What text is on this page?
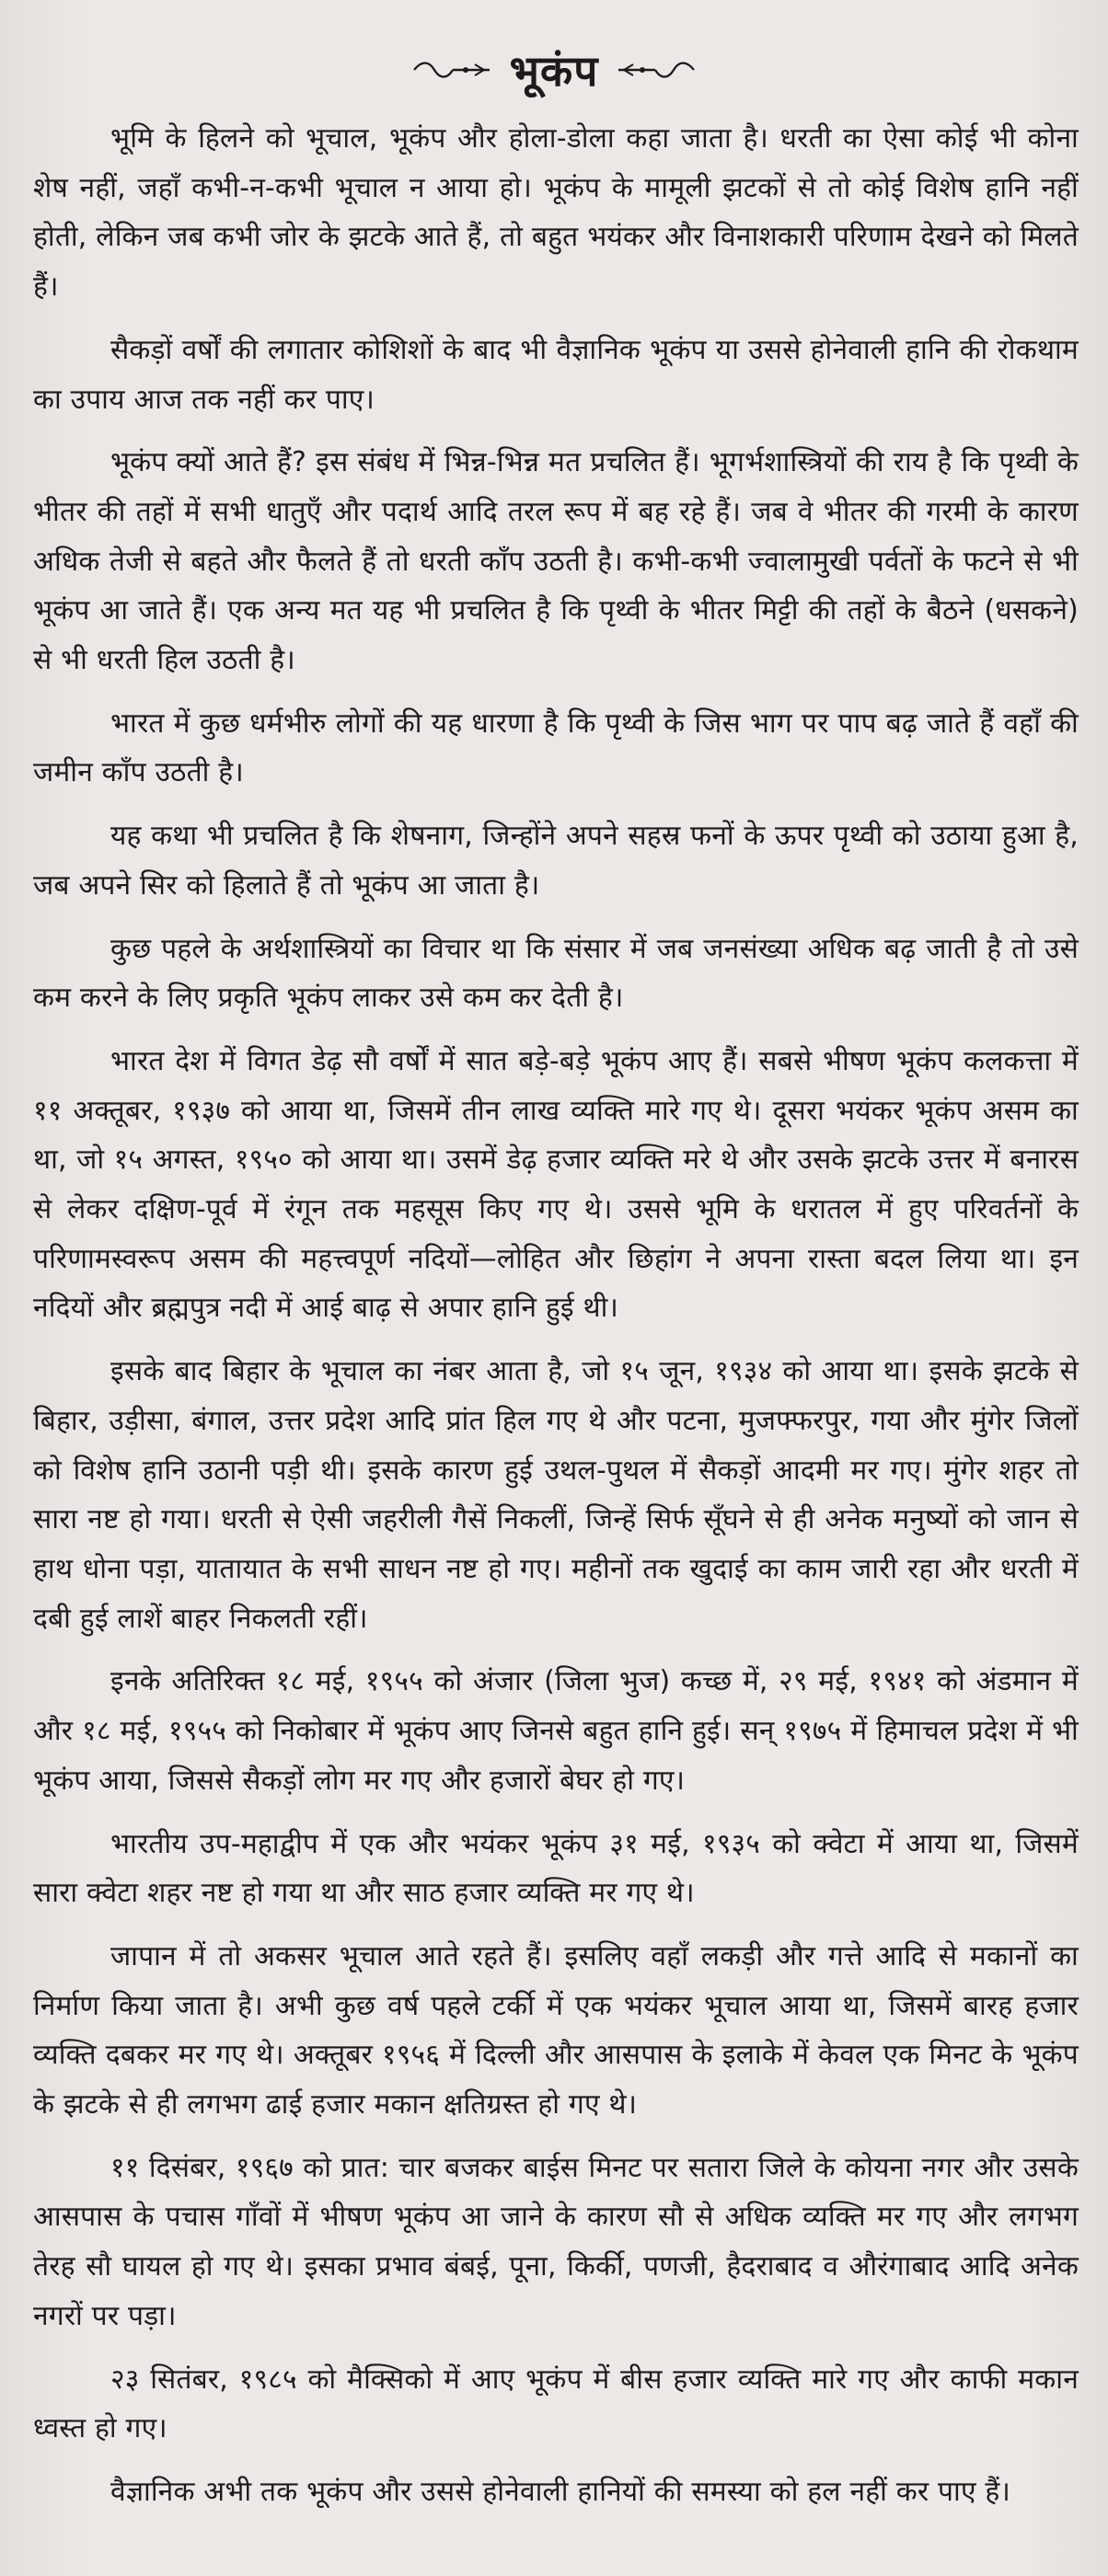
भूकंप

भूमि के हिलने को भूचाल, भूकंप और होला-डोला कहा जाता है। धरती का ऐसा कोई भी कोना शेष नहीं, जहाँ कभी-न-कभी भूचाल न आया हो। भूकंप के मामूली झटकों से तो कोई विशेष हानि नहीं होती, लेकिन जब कभी जोर के झटके आते हैं, तो बहुत भयंकर और विनाशकारी परिणाम देखने को मिलते हैं।

सैकड़ों वर्षों की लगातार कोशिशों के बाद भी वैज्ञानिक भूकंप या उससे होनेवाली हानि की रोकथाम का उपाय आज तक नहीं कर पाए।

भूकंप क्यों आते हैं? इस संबंध में भिन्न-भिन्न मत प्रचलित हैं। भूगर्भशास्त्रियों की राय है कि पृथ्वी के भीतर की तहों में सभी धातुएँ और पदार्थ आदि तरल रूप में बह रहे हैं। जब वे भीतर की गरमी के कारण अधिक तेजी से बहते और फैलते हैं तो धरती काँप उठती है। कभी-कभी ज्वालामुखी पर्वतों के फटने से भी भूकंप आ जाते हैं। एक अन्य मत यह भी प्रचलित है कि पृथ्वी के भीतर मिट्टी की तहों के बैठने (धसकने) से भी धरती हिल उठती है।

भारत में कुछ धर्मभीरु लोगों की यह धारणा है कि पृथ्वी के जिस भाग पर पाप बढ़ जाते हैं वहाँ की जमीन काँप उठती है।

यह कथा भी प्रचलित है कि शेषनाग, जिन्होंने अपने सहस्र फनों के ऊपर पृथ्वी को उठाया हुआ है, जब अपने सिर को हिलाते हैं तो भूकंप आ जाता है।

कुछ पहले के अर्थशास्त्रियों का विचार था कि संसार में जब जनसंख्या अधिक बढ़ जाती है तो उसे कम करने के लिए प्रकृति भूकंप लाकर उसे कम कर देती है।

भारत देश में विगत डेढ़ सौ वर्षों में सात बड़े-बड़े भूकंप आए हैं। सबसे भीषण भूकंप कलकत्ता में ११ अक्तूबर, १९३७ को आया था, जिसमें तीन लाख व्यक्ति मारे गए थे। दूसरा भयंकर भूकंप असम का था, जो १५ अगस्त, १९५० को आया था। उसमें डेढ़ हजार व्यक्ति मरे थे और उसके झटके उत्तर में बनारस से लेकर दक्षिण-पूर्व में रंगून तक महसूस किए गए थे। उससे भूमि के धरातल में हुए परिवर्तनों के परिणामस्वरूप असम की महत्त्वपूर्ण नदियों—लोहित और छिहांग ने अपना रास्ता बदल लिया था। इन नदियों और ब्रह्मपुत्र नदी में आई बाढ़ से अपार हानि हुई थी।

इसके बाद बिहार के भूचाल का नंबर आता है, जो १५ जून, १९३४ को आया था। इसके झटके से बिहार, उड़ीसा, बंगाल, उत्तर प्रदेश आदि प्रांत हिल गए थे और पटना, मुजफ्फरपुर, गया और मुंगेर जिलों को विशेष हानि उठानी पड़ी थी। इसके कारण हुई उथल-पुथल में सैकड़ों आदमी मर गए। मुंगेर शहर तो सारा नष्ट हो गया। धरती से ऐसी जहरीली गैसें निकलीं, जिन्हें सिर्फ सूँघने से ही अनेक मनुष्यों को जान से हाथ धोना पड़ा, यातायात के सभी साधन नष्ट हो गए। महीनों तक खुदाई का काम जारी रहा और धरती में दबी हुई लाशें बाहर निकलती रहीं।

इनके अतिरिक्त १८ मई, १९५५ को अंजार (जिला भुज) कच्छ में, २९ मई, १९४१ को अंडमान में और १८ मई, १९५५ को निकोबार में भूकंप आए जिनसे बहुत हानि हुई। सन् १९७५ में हिमाचल प्रदेश में भी भूकंप आया, जिससे सैकड़ों लोग मर गए और हजारों बेघर हो गए।

भारतीय उप-महाद्वीप में एक और भयंकर भूकंप ३१ मई, १९३५ को क्वेटा में आया था, जिसमें सारा क्वेटा शहर नष्ट हो गया था और साठ हजार व्यक्ति मर गए थे।

जापान में तो अकसर भूचाल आते रहते हैं। इसलिए वहाँ लकड़ी और गत्ते आदि से मकानों का निर्माण किया जाता है। अभी कुछ वर्ष पहले टर्की में एक भयंकर भूचाल आया था, जिसमें बारह हजार व्यक्ति दबकर मर गए थे। अक्तूबर १९५६ में दिल्ली और आसपास के इलाके में केवल एक मिनट के भूकंप के झटके से ही लगभग ढाई हजार मकान क्षतिग्रस्त हो गए थे।

११ दिसंबर, १९६७ को प्रात: चार बजकर बाईस मिनट पर सतारा जिले के कोयना नगर और उसके आसपास के पचास गाँवों में भीषण भूकंप आ जाने के कारण सौ से अधिक व्यक्ति मर गए और लगभग तेरह सौ घायल हो गए थे। इसका प्रभाव बंबई, पूना, किर्की, पणजी, हैदराबाद व औरंगाबाद आदि अनेक नगरों पर पड़ा।

२३ सितंबर, १९८५ को मैक्सिको में आए भूकंप में बीस हजार व्यक्ति मारे गए और काफी मकान ध्वस्त हो गए।

वैज्ञानिक अभी तक भूकंप और उससे होनेवाली हानियों की समस्या को हल नहीं कर पाए हैं।
